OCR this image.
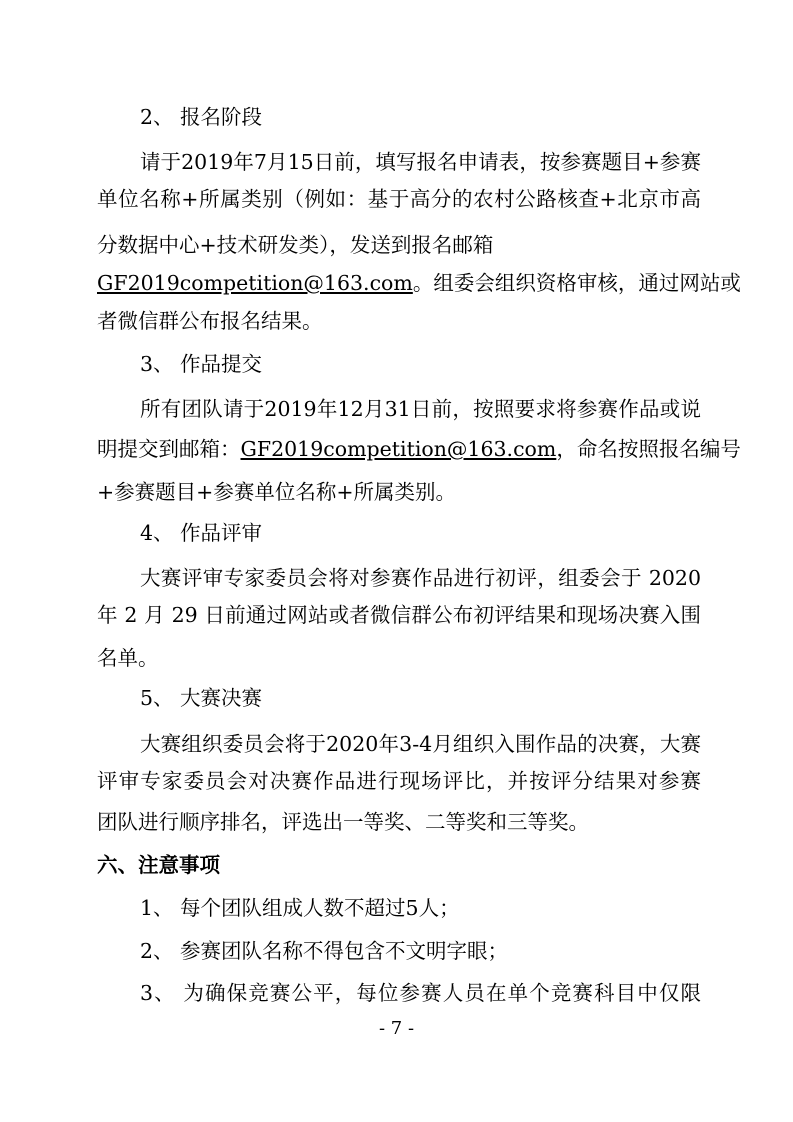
2、 报名阶段
请于2019年7月15日前，填写报名申请表，按参赛题目+参赛
单位名称+所属类别（例如：基于高分的农村公路核查+北京市高
分数据中心+技术研发类），发送到报名邮箱
GF2019competition@163.com。组委会组织资格审核，通过网站或
者微信群公布报名结果。
3、 作品提交
所有团队请于2019年12月31日前，按照要求将参赛作品或说
明提交到邮箱：GF2019competition@163.com，命名按照报名编号
+参赛题目+参赛单位名称+所属类别。
4、 作品评审
大赛评审专家委员会将对参赛作品进行初评，组委会于 2020
年 2 月 29 日前通过网站或者微信群公布初评结果和现场决赛入围
名单。
5、 大赛决赛
大赛组织委员会将于2020年3-4月组织入围作品的决赛，大赛
评审专家委员会对决赛作品进行现场评比，并按评分结果对参赛
团队进行顺序排名，评选出一等奖、二等奖和三等奖。
六、注意事项
1、 每个团队组成人数不超过5人；
2、 参赛团队名称不得包含不文明字眼；
3、 为确保竞赛公平，每位参赛人员在单个竞赛科目中仅限
- 7 -
